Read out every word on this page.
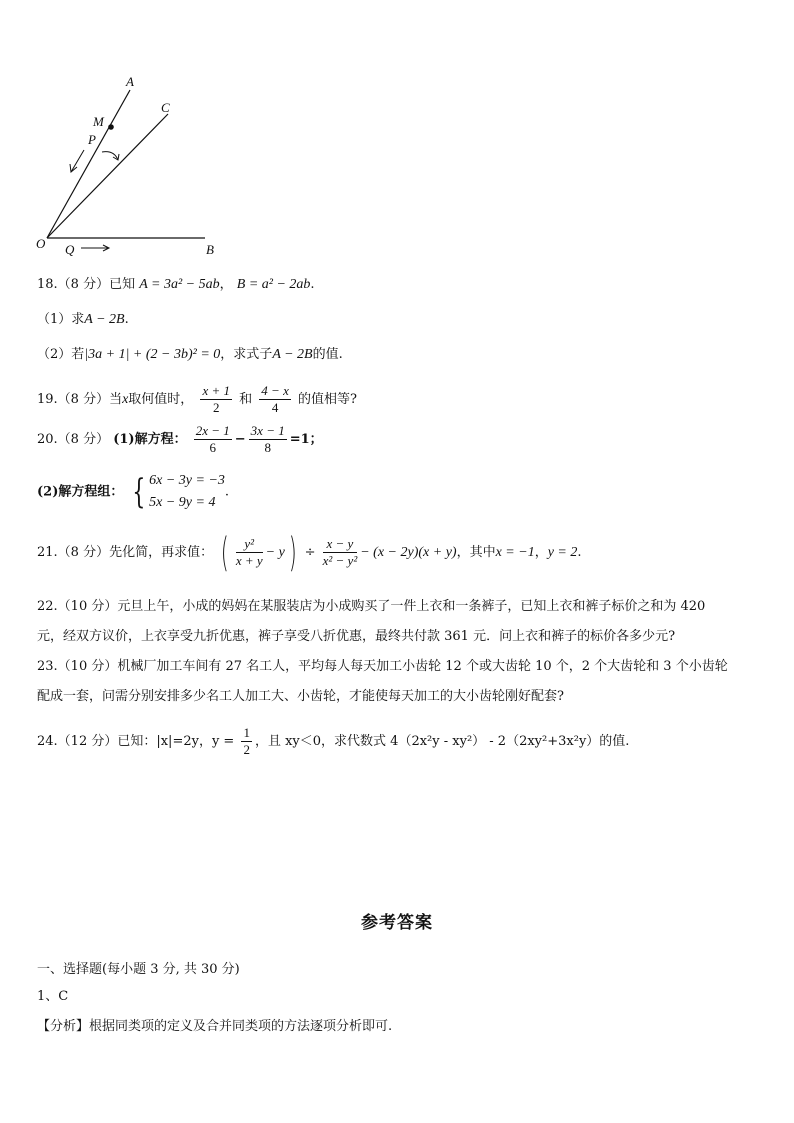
A
C
M
P
O Q	B
18.（8 分）已知 A = 3a² − 5ab， B = a² − 2ab.
（1）求A − 2B.
（2）若|3a + 1| + (2 − 3b)² = 0，求式子A − 2B的值.
19.（8 分）当x取何值时， $\frac{x + 1}{2}$ 和 $\frac{4 - x}{4}$ 的值相等?
20.（8 分） (1)解方程： $\frac{2x - 1}{6} - \frac{3x - 1}{8} =1$；
(2)解方程组： { 6x − 3y = −3
5x − 9y = 4
.
21.（8 分）先化简，再求值： ( $\frac{\text{y²}}{x + y} - y) \div \frac{x - y}{\text{x² − y²}} - (x - 2y)(x + y)$，其中x = −1，y = 2.
22.（10 分）元旦上午，小成的妈妈在某服装店为小成购买了一件上衣和一条裤子，已知上衣和裤子标价之和为 420
元，经双方议价，上衣享受九折优惠，裤子享受八折优惠，最终共付款 361 元．问上衣和裤子的标价各多少元?
23.（10 分）机械厂加工车间有 27 名工人，平均每人每天加工小齿轮 12 个或大齿轮 10 个，2 个大齿轮和 3 个小齿轮
配成一套，问需分别安排多少名工人加工大、小齿轮，才能使每天加工的大小齿轮刚好配套?
24.（12 分）已知：|x|=2y，$y = \frac{1}{2}$ ，且 xy＜0，求代数式 4（2x²y - xy²） - 2（2xy²+3x²y）的值.
参考答案
一、选择题(每小题 3 分, 共 30 分)
1、C
【分析】根据同类项的定义及合并同类项的方法逐项分析即可.
